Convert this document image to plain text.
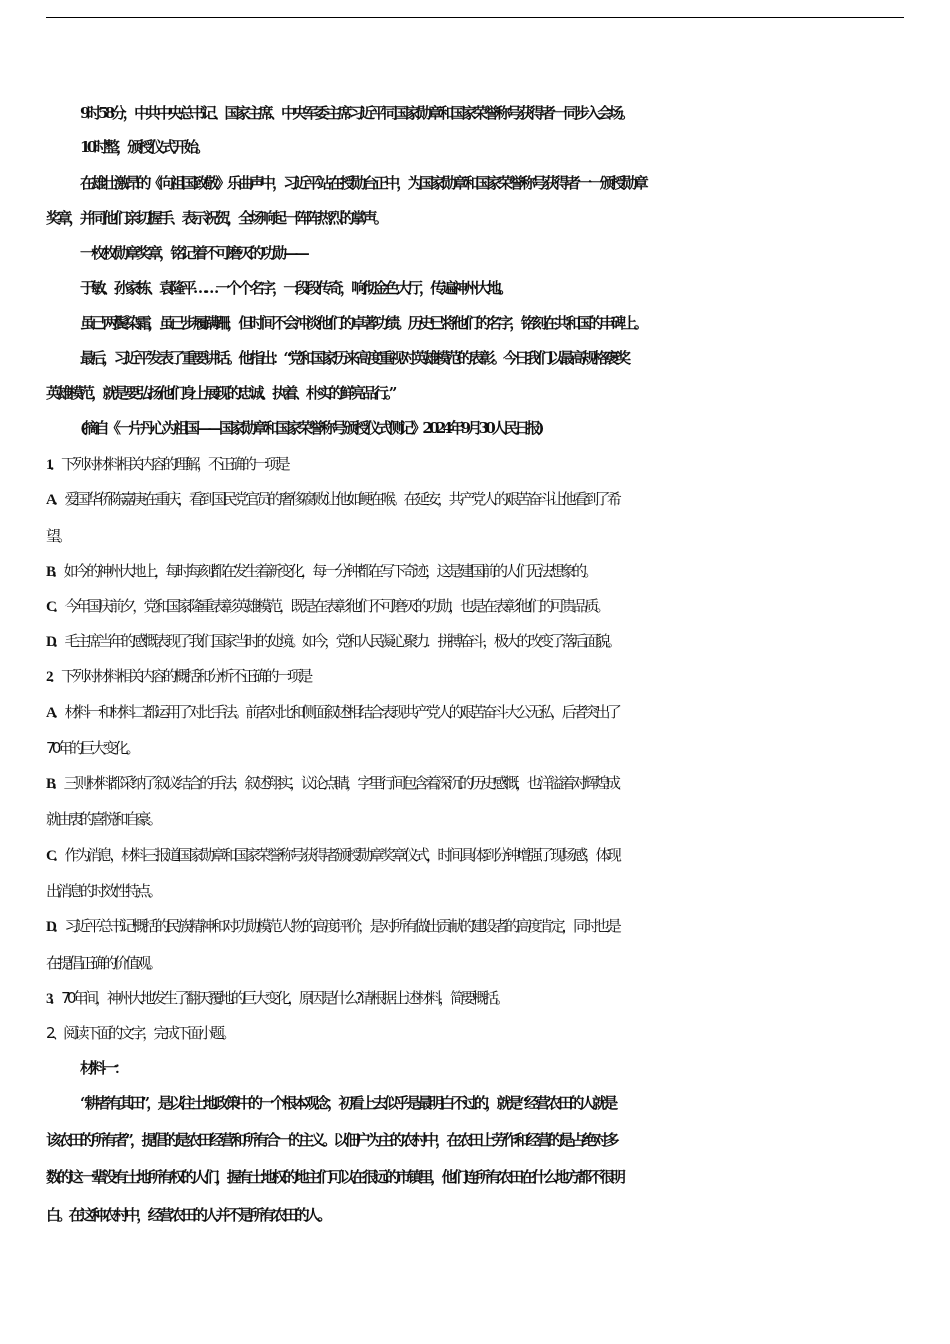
9时58分，中共中央总书记、国家主席、中央军委主席习近平同国家勋章和国家荣誉称号获得者一同步入会场。
10时整，颁授仪式开始。
在雄壮激昂的《向祖国致敬》乐曲声中，习近平站在授勋台正中，为国家勋章和国家荣誉称号获得者一一颁授勋章
奖章，并同他们亲切握手、表示祝贺，全场响起一阵阵热烈的掌声。
一枚枚勋章奖章，铭记着不可磨灭的功勋——
于敏、孙家栋、袁隆平……一个个名字，一段段传奇，响彻金色大厅，传遍神州大地。
虽已两鬓染霜，虽已步履蹒跚，但时间不会冲淡他们的卓著功绩。历史已将他们的名字，铭刻在共和国的丰碑上。
最后，习近平发表了重要讲话。他指出：“党和国家历来高度重视对英雄模范的表彰。今日我们以最高规格褒奖
英雄模范，就是要弘扬他们身上展现的忠诚、执着、朴实的鲜亮品行。”
(摘自《一片丹心为祖国——国家勋章和国家荣誉称号颁授仪式侧记》2024年9月30人民日报)
1．下列对材料相关内容的理解，不正确的一项是
A．爱国华侨陈嘉庚在重庆，看到国民党官员的奢侈腐败让他如鲠在喉。在延安，共产党人的艰苦奋斗让他看到了希
望。
B．如今的神州大地上，每时每刻都在发生着新变化，每一分钟都在写下奇迹，这是建国前的人们无法想象的。
C．今年国庆前夕，党和国家隆重表彰英雄模范，既是在表彰他们不可磨灭的功勋，也是在表彰他们的可贵品质。
D．毛主席当年的感慨表现了我们国家当时的处境。如今，党和人民凝心聚力．拼搏奋斗，极大的改变了落后面貌。
2．下列对材料相关内容的概括和分析不正确的一项是
A．材料一和材料二都运用了对比手法。前者对比和侧面叙述相结合表现共产党人的艰苦奋斗大公无私，后者突出了
70年的巨大变化。
B．三则材料都采纳了叙议结合的手法，叙述翔实，议论点睛，字里行间包含着深沉的历史感慨，也洋溢着对辉煌成
就由衷的喜悦和自豪。
C．作为消息，材料三报道国家勋章和国家荣誉称号获得者颁授勋章奖章仪式，时间具体到分钟增强了现场感，体现
出消息的时效性特点。
D．习近平总书记概括的民族精神和对功勋模范人物的高度评价，是对所有做出贡献的建设者的高度肯定，同时也是
在提倡正确的价值观。
3．70年间，神州大地发生了翻天覆地的巨大变化，原因是什么?请根据上述材料，简要概括。
2、阅读下面的文字，完成下面小题。
材料一：
“耕者有其田”，是以往土地政策中的一个根本观念，初看上去似乎是最明白不过的，就是“经营农田的人就是
该农田的所有者”，提倡的是农田经营和所有合一的主义。以佃户为主的农村中，在农田上劳作和经营的是占绝对多
数的这一辈没有土地所有权的人们，握有土地权的地主们可以在很远的市镇里，他们连所有农田在什么地方都不很明
白。在这种农村中，经营农田的人并不是所有农田的人。
